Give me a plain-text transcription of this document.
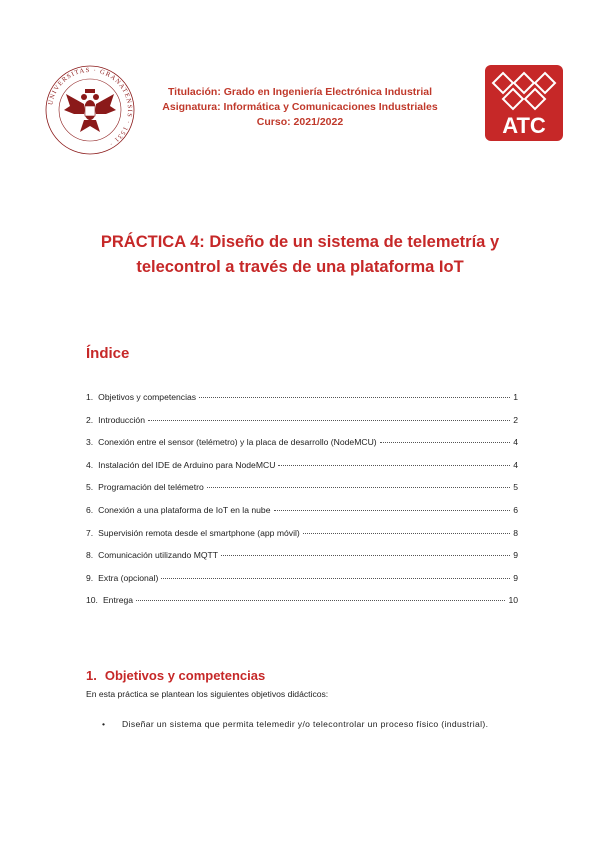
UNIVERSITAS · GRANATENSIS · 1531 ·
Titulación: Grado en Ingeniería Electrónica Industrial
Asignatura: Informática y Comunicaciones Industriales
Curso: 2021/2022	ATC
PRÁCTICA 4: Diseño de un sistema de telemetría y
telecontrol a través de una plataforma IoT
Índice
1. Objetivos y competencias	1
2. Introducción	2
3. Conexión entre el sensor (telémetro) y la placa de desarrollo (NodeMCU)	4
4. Instalación del IDE de Arduino para NodeMCU	4
5. Programación del telémetro	5
6. Conexión a una plataforma de IoT en la nube	6
7. Supervisión remota desde el smartphone (app móvil)	8
8. Comunicación utilizando MQTT	9
9. Extra (opcional)	9
10. Entrega	10
1. Objetivos y competencias
En esta práctica se plantean los siguientes objetivos didácticos:
• Diseñar un sistema que permita telemedir y/o telecontrolar un proceso físico (industrial).
